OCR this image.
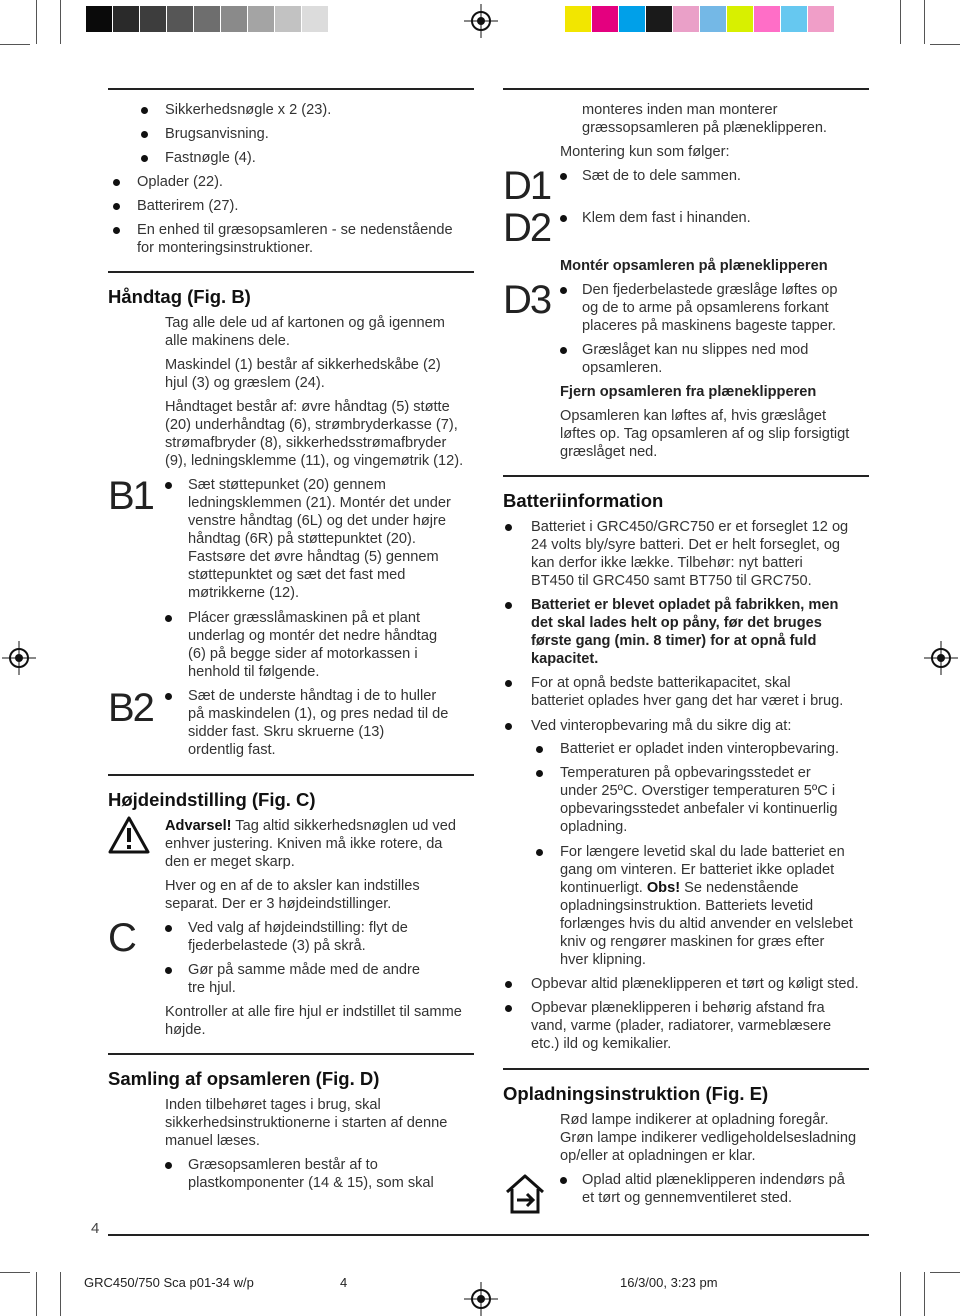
Sikkerhedsnøgle x 2 (23).
Brugsanvisning.
Fastnøgle (4).
Oplader (22).
Batterirem (27).
En enhed til græsopsamleren - se nedenstående
for monteringsinstruktioner.
Håndtag (Fig. B)
Tag alle dele ud af kartonen og gå igennem
alle makinens dele.
Maskindel (1) består af sikkerhedskåbe (2)
hjul (3) og græslem (24).
Håndtaget består af: øvre håndtag (5) støtte
(20) underhåndtag (6), strømbryderkasse (7),
strømafbryder (8), sikkerhedsstrømafbryder
(9), ledningsklemme (11), og vingemøtrik (12).
B1 Sæt støttepunket (20) gennem
ledningsklemmen (21). Montér det under
venstre håndtag (6L) og det under højre
håndtag (6R) på støttepunktet (20).
Fastsøre det øvre håndtag (5) gennem
støttepunktet og sæt det fast med
møtrikkerne (12).
Plácer græsslåmaskinen på et plant
underlag og montér det nedre håndtag
(6) på begge sider af motorkassen i
henhold til følgende.
B2 Sæt de underste håndtag i de to huller
på maskindelen (1), og pres nedad til de
sidder fast. Skru skruerne (13)
ordentlig fast.
Højdeindstilling (Fig. C)
Advarsel! Tag altid sikkerhedsnøglen ud ved
enhver justering. Kniven må ikke rotere, da
den er meget skarp.
Hver og en af de to aksler kan indstilles
separat. Der er 3 højdeindstillinger.
C	Ved valg af højdeindstilling: flyt de
fjederbelastede (3) på skrå.
Gør på samme måde med de andre
tre hjul.
Kontroller at alle fire hjul er indstillet til samme
højde.
Samling af opsamleren (Fig. D)
Inden tilbehøret tages i brug, skal
sikkerhedsinstruktionerne i starten af denne
manuel læses.
Græsopsamleren består af to
plastkomponenter (14 & 15), som skal
monteres inden man monterer
græssopsamleren på plæneklipperen.
Montering kun som følger:
D1 Sæt de to dele sammen.
D2 Klem dem fast i hinanden.
Montér opsamleren på plæneklipperen
D3 Den fjederbelastede græslåge løftes op
og de to arme på opsamlerens forkant
placeres på maskinens bageste tapper.
Græslåget kan nu slippes ned mod
opsamleren.
Fjern opsamleren fra plæneklipperen
Opsamleren kan løftes af, hvis græslåget
løftes op. Tag opsamleren af og slip forsigtigt
græslåget ned.
Batteriinformation
Batteriet i GRC450/GRC750 er et forseglet 12 og
24 volts bly/syre batteri. Det er helt forseglet, og
kan derfor ikke lække. Tilbehør: nyt batteri
BT450 til GRC450 samt BT750 til GRC750.
Batteriet er blevet opladet på fabrikken, men
det skal lades helt op påny, før det bruges
første gang (min. 8 timer) for at opnå fuld
kapacitet.
For at opnå bedste batterikapacitet, skal
batteriet oplades hver gang det har været i brug.
Ved vinteropbevaring må du sikre dig at:
Batteriet er opladet inden vinteropbevaring.
Temperaturen på opbevaringsstedet er
under 25ºC. Overstiger temperaturen 5ºC i
opbevaringsstedet anbefaler vi kontinuerlig
opladning.
For længere levetid skal du lade batteriet en
gang om vinteren. Er batteriet ikke opladet
kontinuerligt. Obs! Se nedenstående
opladningsinstruktion. Batteriets levetid
forlænges hvis du altid anvender en velslebet
kniv og rengører maskinen for græs efter
hver klipning.
Opbevar altid plæneklipperen et tørt og køligt sted.
Opbevar plæneklipperen i behørig afstand fra
vand, varme (plader, radiatorer, varmeblæsere
etc.) ild og kemikalier.
Opladningsinstruktion (Fig. E)
Rød lampe indikerer at opladning foregår.
Grøn lampe indikerer vedligeholdelsesladning
op/eller at opladningen er klar.
Oplad altid plæneklipperen indendørs på
et tørt og gennemventileret sted.
4
GRC450/750 Sca p01-34 w/p	4	16/3/00, 3:23 pm
